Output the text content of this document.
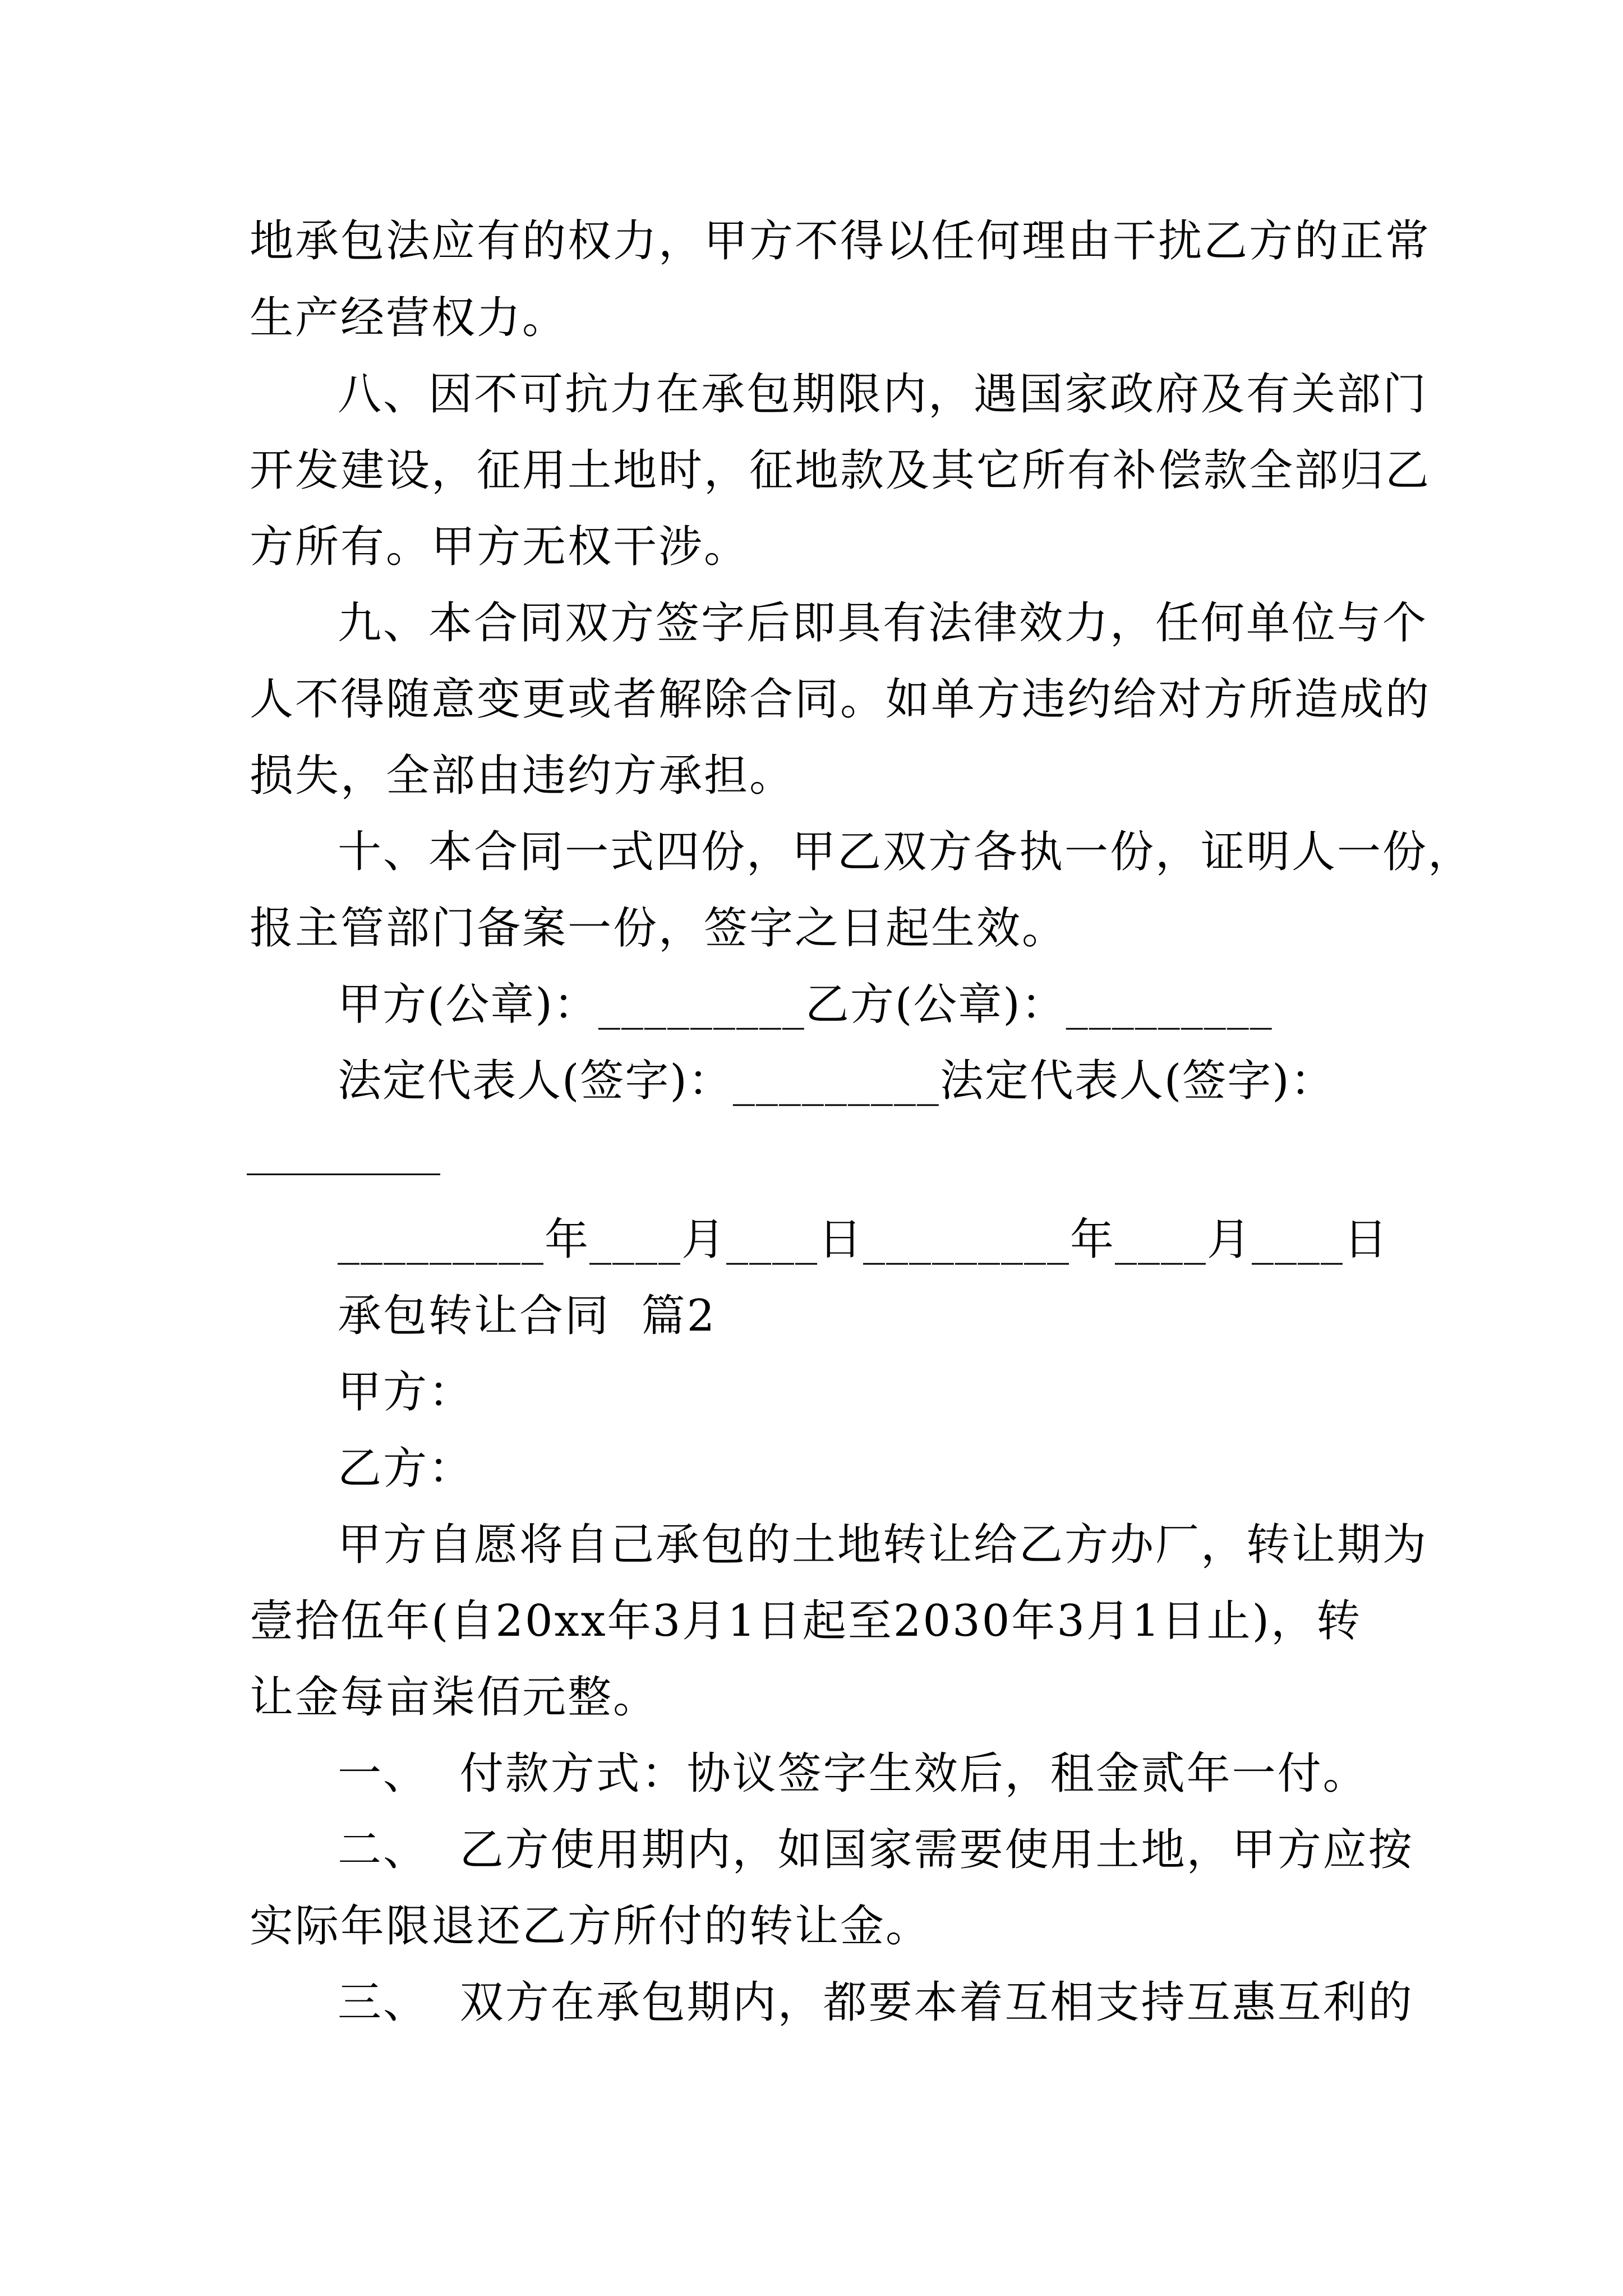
地承包法应有的权力，甲方不得以任何理由干扰乙方的正常
生产经营权力。
八、因不可抗力在承包期限内，遇国家政府及有关部门
开发建设，征用土地时，征地款及其它所有补偿款全部归乙
方所有。甲方无权干涉。
九、本合同双方签字后即具有法律效力，任何单位与个
人不得随意变更或者解除合同。如单方违约给对方所造成的
损失，全部由违约方承担。
十、本合同一式四份，甲乙双方各执一份，证明人一份，
报主管部门备案一份，签字之日起生效。
甲方(公章)：_________乙方(公章)：_________
法定代表人(签字)：_________法定代表人(签字)：
_________年____月____日_________年____月____日
承包转让合同  篇2
甲方：
乙方：
甲方自愿将自己承包的土地转让给乙方办厂，转让期为
壹拾伍年(自20xx年3月1日起至2030年3月1日止)，转
让金每亩柒佰元整。
一、  付款方式：协议签字生效后，租金贰年一付。
二、  乙方使用期内，如国家需要使用土地，甲方应按
实际年限退还乙方所付的转让金。
三、  双方在承包期内，都要本着互相支持互惠互利的
